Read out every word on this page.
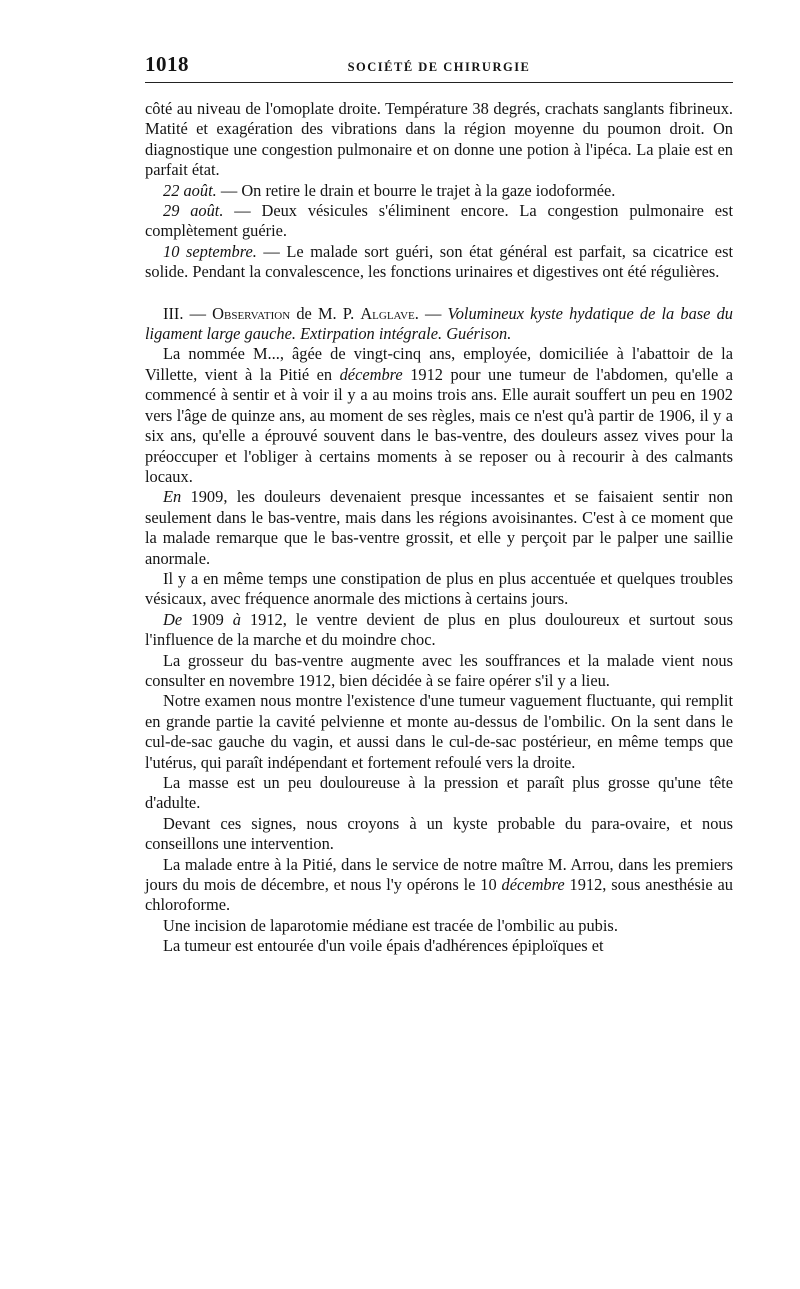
1018	SOCIÉTÉ DE CHIRURGIE

côté au niveau de l'omoplate droite. Température 38 degrés, crachats sanglants fibrineux. Matité et exagération des vibrations dans la région moyenne du poumon droit. On diagnostique une congestion pulmonaire et on donne une potion à l'ipéca. La plaie est en parfait état.

22 août. — On retire le drain et bourre le trajet à la gaze iodoformée.

29 août. — Deux vésicules s'éliminent encore. La congestion pulmonaire est complètement guérie.

10 septembre. — Le malade sort guéri, son état général est parfait, sa cicatrice est solide. Pendant la convalescence, les fonctions urinaires et digestives ont été régulières.

III. — Observation de M. P. Alglave. — Volumineux kyste hydatique de la base du ligament large gauche. Extirpation intégrale. Guérison.

La nommée M..., âgée de vingt-cinq ans, employée, domiciliée à l'abattoir de la Villette, vient à la Pitié en décembre 1912 pour une tumeur de l'abdomen, qu'elle a commencé à sentir et à voir il y a au moins trois ans. Elle aurait souffert un peu en 1902 vers l'âge de quinze ans, au moment de ses règles, mais ce n'est qu'à partir de 1906, il y a six ans, qu'elle a éprouvé souvent dans le bas-ventre, des douleurs assez vives pour la préoccuper et l'obliger à certains moments à se reposer ou à recourir à des calmants locaux.

En 1909, les douleurs devenaient presque incessantes et se faisaient sentir non seulement dans le bas-ventre, mais dans les régions avoisinantes. C'est à ce moment que la malade remarque que le bas-ventre grossit, et elle y perçoit par le palper une saillie anormale.

Il y a en même temps une constipation de plus en plus accentuée et quelques troubles vésicaux, avec fréquence anormale des mictions à certains jours.

De 1909 à 1912, le ventre devient de plus en plus douloureux et surtout sous l'influence de la marche et du moindre choc.

La grosseur du bas-ventre augmente avec les souffrances et la malade vient nous consulter en novembre 1912, bien décidée à se faire opérer s'il y a lieu.

Notre examen nous montre l'existence d'une tumeur vaguement fluctuante, qui remplit en grande partie la cavité pelvienne et monte au-dessus de l'ombilic. On la sent dans le cul-de-sac gauche du vagin, et aussi dans le cul-de-sac postérieur, en même temps que l'utérus, qui paraît indépendant et fortement refoulé vers la droite.

La masse est un peu douloureuse à la pression et paraît plus grosse qu'une tête d'adulte.

Devant ces signes, nous croyons à un kyste probable du para-ovaire, et nous conseillons une intervention.

La malade entre à la Pitié, dans le service de notre maître M. Arrou, dans les premiers jours du mois de décembre, et nous l'y opérons le 10 décembre 1912, sous anesthésie au chloroforme.

Une incision de laparotomie médiane est tracée de l'ombilic au pubis.

La tumeur est entourée d'un voile épais d'adhérences épiploïques et
